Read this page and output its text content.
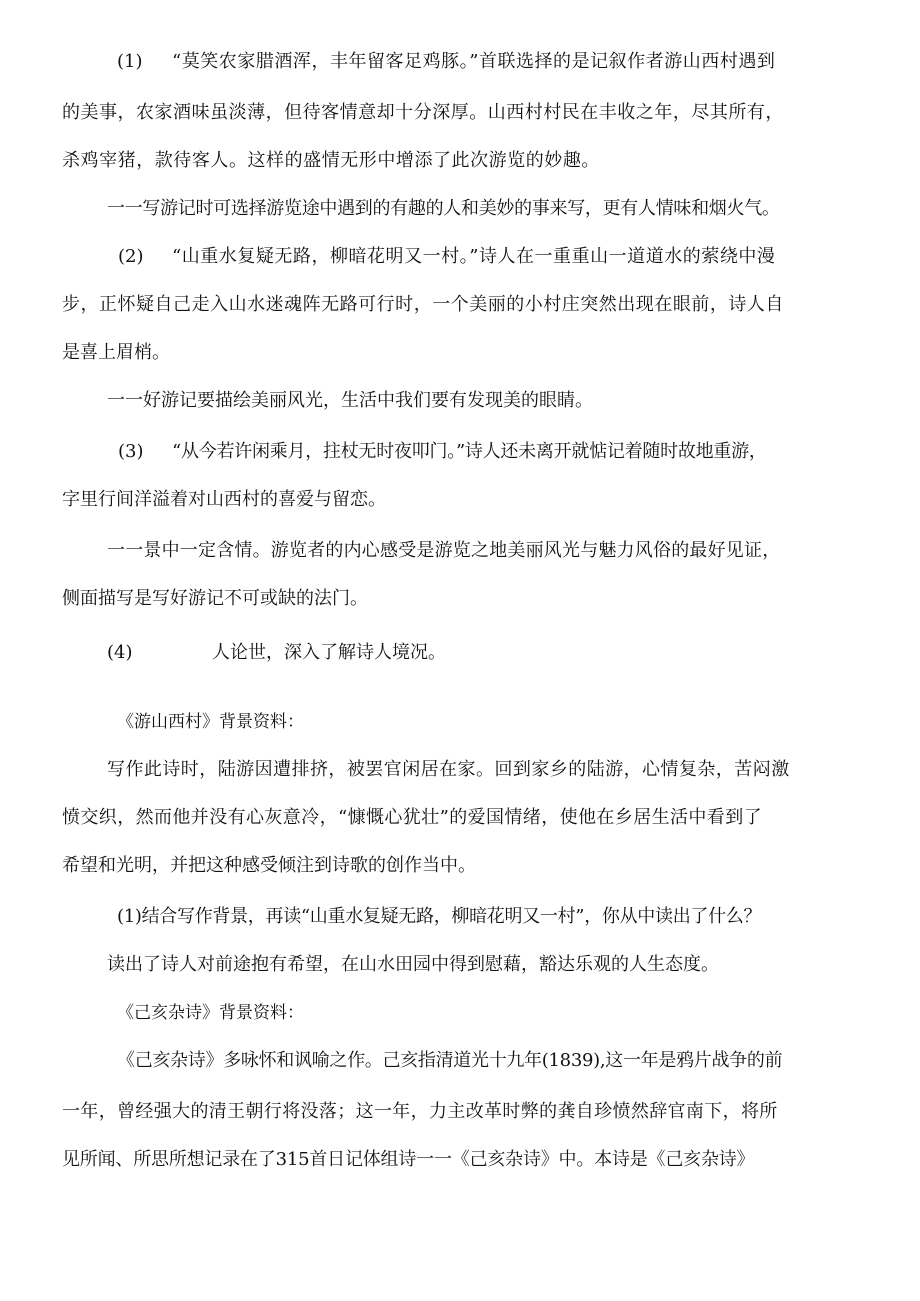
(1) “莫笑农家腊酒浑，丰年留客足鸡豚。”首联选择的是记叙作者游山西村遇到
的美事，农家酒味虽淡薄，但待客情意却十分深厚。山西村村民在丰收之年，尽其所有，
杀鸡宰猪，款待客人。这样的盛情无形中增添了此次游览的妙趣。
一一写游记时可选择游览途中遇到的有趣的人和美妙的事来写，更有人情味和烟火气。
(2) “山重水复疑无路，柳暗花明又一村。”诗人在一重重山一道道水的萦绕中漫
步，正怀疑自己走入山水迷魂阵无路可行时，一个美丽的小村庄突然出现在眼前，诗人自
是喜上眉梢。
一一好游记要描绘美丽风光，生活中我们要有发现美的眼睛。
(3) “从今若许闲乘月，拄杖无时夜叩门。”诗人还未离开就惦记着随时故地重游，
字里行间洋溢着对山西村的喜爱与留恋。
一一景中一定含情。游览者的内心感受是游览之地美丽风光与魅力风俗的最好见证，
侧面描写是写好游记不可或缺的法门。
(4)	人论世，深入了解诗人境况。
《游山西村》背景资料：
写作此诗时，陆游因遭排挤，被罢官闲居在家。回到家乡的陆游，心情复杂，苦闷激
愤交织，然而他并没有心灰意冷，“慷慨心犹壮”的爱国情绪，使他在乡居生活中看到了
希望和光明，并把这种感受倾注到诗歌的创作当中。
(1)结合写作背景，再读“山重水复疑无路，柳暗花明又一村”，你从中读出了什么？
读出了诗人对前途抱有希望，在山水田园中得到慰藉，豁达乐观的人生态度。
《己亥杂诗》背景资料：
《己亥杂诗》多咏怀和讽喻之作。己亥指清道光十九年(1839),这一年是鸦片战争的前
一年，曾经强大的清王朝行将没落；这一年，力主改革时弊的龚自珍愤然辞官南下，将所
见所闻、所思所想记录在了315首日记体组诗一一《己亥杂诗》中。本诗是《己亥杂诗》
